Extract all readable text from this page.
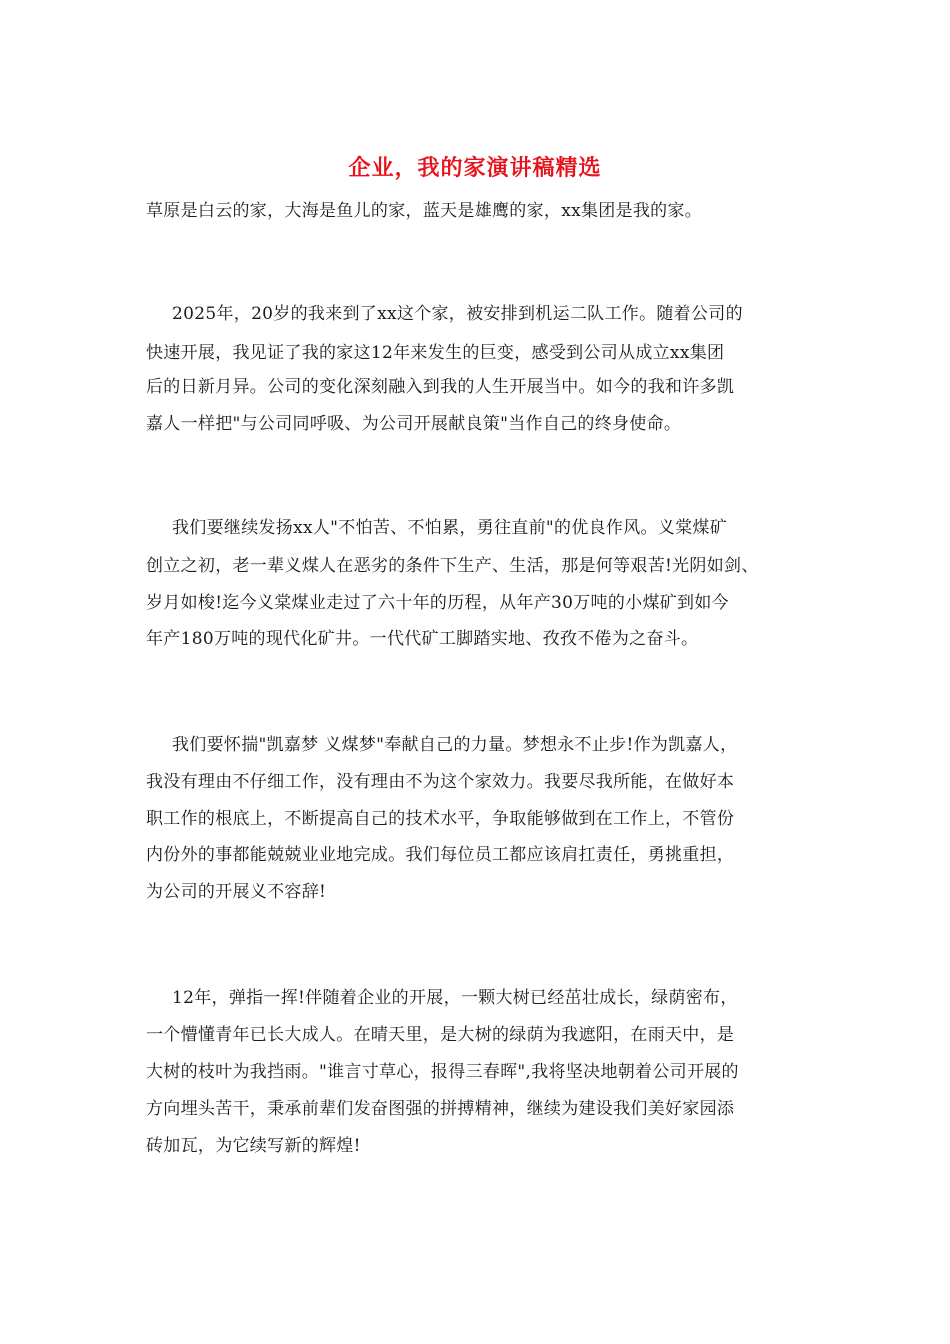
企业，我的家演讲稿精选
草原是白云的家，大海是鱼儿的家，蓝天是雄鹰的家，xx集团是我的家。
2025年，20岁的我来到了xx这个家，被安排到机运二队工作。随着公司的
快速开展，我见证了我的家这12年来发生的巨变，感受到公司从成立xx集团
后的日新月异。公司的变化深刻融入到我的人生开展当中。如今的我和许多凯
嘉人一样把"与公司同呼吸、为公司开展献良策"当作自己的终身使命。
我们要继续发扬xx人"不怕苦、不怕累，勇往直前"的优良作风。义棠煤矿
创立之初，老一辈义煤人在恶劣的条件下生产、生活，那是何等艰苦!光阴如剑、
岁月如梭!迄今义棠煤业走过了六十年的历程，从年产30万吨的小煤矿到如今
年产180万吨的现代化矿井。一代代矿工脚踏实地、孜孜不倦为之奋斗。
我们要怀揣"凯嘉梦 义煤梦"奉献自己的力量。梦想永不止步!作为凯嘉人，
我没有理由不仔细工作，没有理由不为这个家效力。我要尽我所能，在做好本
职工作的根底上，不断提高自己的技术水平，争取能够做到在工作上，不管份
内份外的事都能兢兢业业地完成。我们每位员工都应该肩扛责任，勇挑重担，
为公司的开展义不容辞!
12年，弹指一挥!伴随着企业的开展，一颗大树已经茁壮成长，绿荫密布，
一个懵懂青年已长大成人。在晴天里，是大树的绿荫为我遮阳，在雨天中，是
大树的枝叶为我挡雨。"谁言寸草心，报得三春晖",我将坚决地朝着公司开展的
方向埋头苦干，秉承前辈们发奋图强的拼搏精神，继续为建设我们美好家园添
砖加瓦，为它续写新的辉煌!
